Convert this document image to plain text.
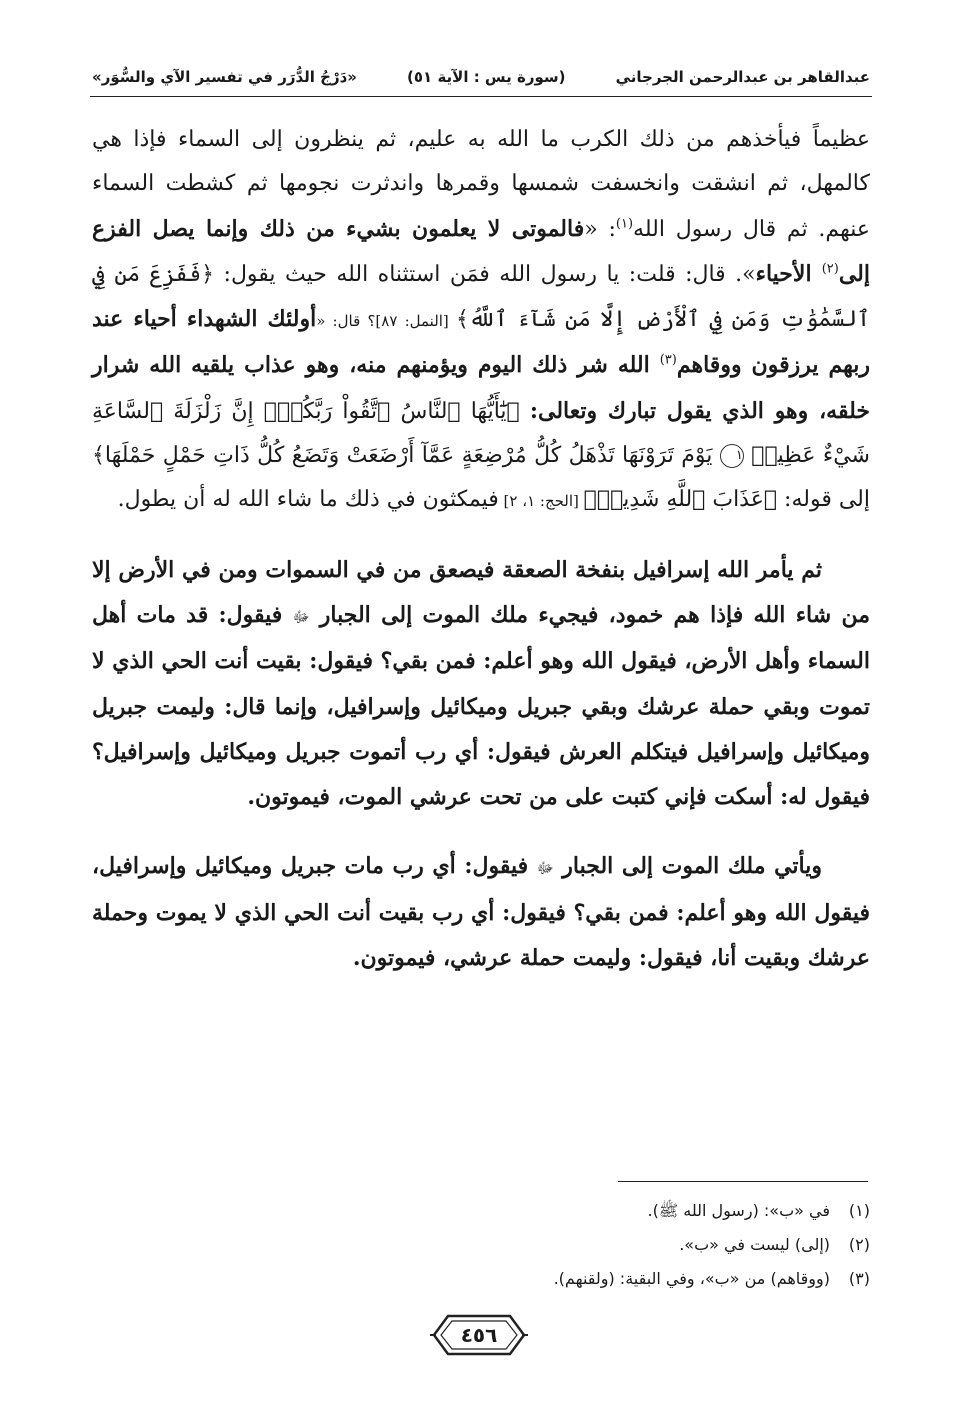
عبدالقاهر بن عبدالرحمن الجرجاني
(سورة يس : الآية ٥١)
«دَرْجُ الدُّرَر في تفسير الآي والسُّوَر»

عظيماً فيأخذهم من ذلك الكرب ما الله به عليم، ثم ينظرون إلى السماء فإذا هي كالمهل، ثم انشقت وانخسفت شمسها وقمرها واندثرت نجومها ثم كشطت السماء عنهم. ثم قال رسول الله$^{(١)}$: «فالموتى لا يعلمون بشيء من ذلك وإنما يصل الفزع إلى$^{(٢)}$ الأحياء». قال: قلت: يا رسول الله فمَن استثناه الله حيث يقول: ﴿فَفَزِعَ مَن فِي ٱلسَّمَٰوَٰتِ وَمَن فِي ٱلْأَرْضِ إِلَّا مَن شَآءَ ٱللَّهُ﴾ [النمل: ٨٧]؟ قال: «أولئك الشهداء أحياء عند ربهم يرزقون ووقاهم$^{(٣)}$ الله شر ذلك اليوم ويؤمنهم منه، وهو عذاب يلقيه الله شرار خلقه، وهو الذي يقول تبارك وتعالى: ﴿يَٰٓأَيُّهَا ٱلنَّاسُ ٱتَّقُواْ رَبَّكُمْۚ إِنَّ زَلْزَلَةَ ٱلسَّاعَةِ شَيْءٌ عَظِيمٞ ١ يَوْمَ تَرَوْنَهَا تَذْهَلُ كُلُّ مُرْضِعَةٍ عَمَّآ أَرْضَعَتْ وَتَضَعُ كُلُّ ذَاتِ حَمْلٍ حَمْلَهَا﴾ إلى قوله: ﴿عَذَابَ ٱللَّهِ شَدِيدٞ﴾ [الحج: ١، ٢] فيمكثون في ذلك ما شاء الله له أن يطول.

ثم يأمر الله إسرافيل بنفخة الصعقة فيصعق من في السموات ومن في الأرض إلا من شاء الله فإذا هم خمود، فيجيء ملك الموت إلى الجبار ﷻ فيقول: قد مات أهل السماء وأهل الأرض، فيقول الله وهو أعلم: فمن بقي؟ فيقول: بقيت أنت الحي الذي لا تموت وبقي حملة عرشك وبقي جبريل وميكائيل وإسرافيل، وإنما قال: وليمت جبريل وميكائيل وإسرافيل فيتكلم العرش فيقول: أي رب أتموت جبريل وميكائيل وإسرافيل؟ فيقول له: أسكت فإني كتبت على من تحت عرشي الموت، فيموتون.

ويأتي ملك الموت إلى الجبار ﷻ فيقول: أي رب مات جبريل وميكائيل وإسرافيل، فيقول الله وهو أعلم: فمن بقي؟ فيقول: أي رب بقيت أنت الحي الذي لا يموت وحملة عرشك وبقيت أنا، فيقول: وليمت حملة عرشي، فيموتون.

(١)في «ب»: (رسول الله ﷺ).

(٢)(إلى) ليست في «ب».

(٣)(ووقاهم) من «ب»، وفي البقية: (ولقنهم).

٤٥٦
